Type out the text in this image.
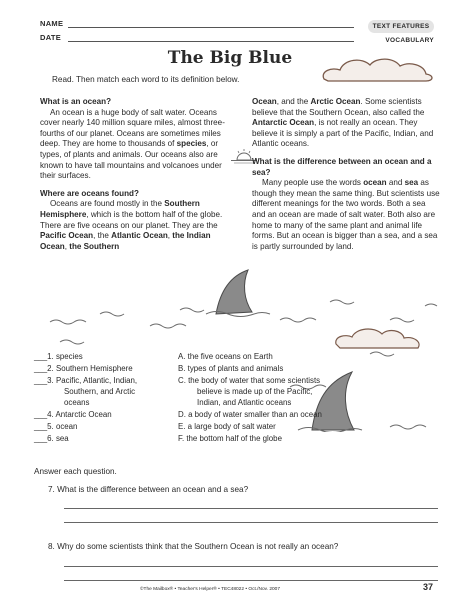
NAME
DATE
TEXT FEATURES
VOCABULARY
The Big Blue
Read. Then match each word to its definition below.

What is an ocean?

An ocean is a huge body of salt water. Oceans cover nearly 140 million square miles, almost three-fourths of our planet. Oceans are sometimes miles deep. They are home to thousands of species, or types, of plants and animals. Our oceans also are known to have tall mountains and volcanoes under their surfaces.

Where are oceans found?

Oceans are found mostly in the Southern Hemisphere, which is the bottom half of the globe. There are five oceans on our planet. They are the Pacific Ocean, the Atlantic Ocean, the Indian Ocean, the Southern

Ocean, and the Arctic Ocean. Some scientists believe that the Southern Ocean, also called the Antarctic Ocean, is not really an ocean. They believe it is simply a part of the Pacific, Indian, and Atlantic oceans.

What is the difference between an ocean and a sea?

Many people use the words ocean and sea as though they mean the same thing. But scientists use different meanings for the two words. Both a sea and an ocean are made of salt water. Both also are home to many of the same plant and animal life forms. But an ocean is bigger than a sea, and a sea is partly surrounded by land.

___1. species
___2. Southern Hemisphere
___3. Pacific, Atlantic, Indian,
Southern, and Arctic
oceans
___4. Antarctic Ocean
___5. ocean
___6. sea
A. the five oceans on Earth
B. types of plants and animals
C. the body of water that some scientists
believe is made up of the Pacific,
Indian, and Atlantic oceans
D. a body of water smaller than an ocean
E. a large body of salt water
F. the bottom half of the globe
Answer each question.
7. What is the difference between an ocean and a sea?
8. Why do some scientists think that the Southern Ocean is not really an ocean?
©The Mailbox® • Teacher's Helper® • TEC48022 • Oct./Nov. 2007	37
